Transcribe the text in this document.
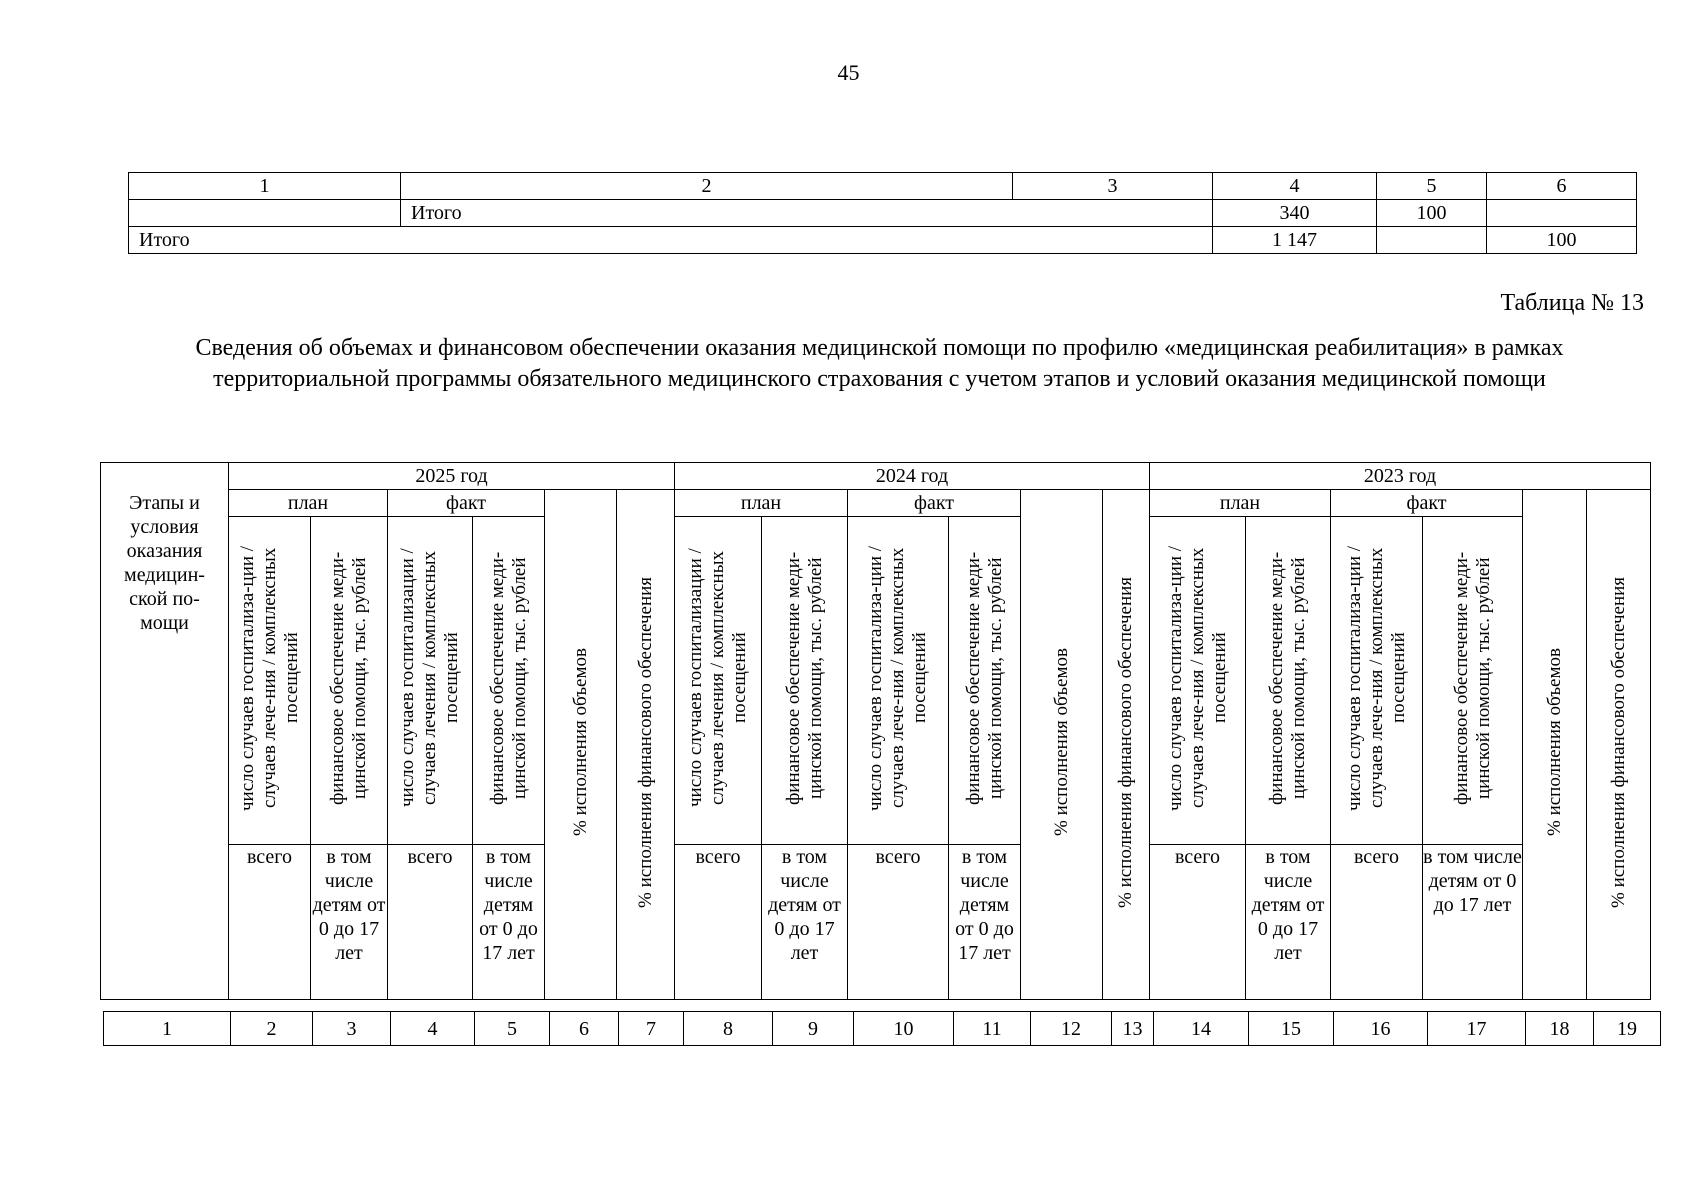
45
1	2	3	4	5	6
	Итого		340	100	
Итого			1 147		100
Таблица № 13
Сведения об объемах и финансовом обеспечении оказания медицинской помощи по профилю «медицинская реабилитация» в рамках территориальной программы обязательного медицинского страхования с учетом этапов и условий оказания медицинской помощи
Этапы и условия оказания медицин-ской по-мощи	2025 год						2024 год						2023 год					
	план		факт		% исполнения объемов	% исполнения финансового обеспечения	план		факт		% исполнения объемов	% исполнения финансового обеспечения	план		факт		% исполнения объемов	% исполнения финансового обеспечения
	число случаев госпитализа-ции / случаев лече-ния / комплексных посещений	финансовое обеспечение меди-цинской помощи, тыс. рублей	число случаев госпитализации / случаев лечения / комплексных посещений	финансовое обеспечение меди-цинской помощи, тыс. рублей			число случаев госпитализации / случаев лечения / комплексных посещений	финансовое обеспечение меди-цинской помощи, тыс. рублей	число случаев госпитализа-ции / случаев лече-ния / комплексных посещений	финансовое обеспечение меди-цинской помощи, тыс. рублей			число случаев госпитализа-ции / случаев лече-ния / комплексных посещений	финансовое обеспечение меди-цинской помощи, тыс. рублей	число случаев госпитализа-ции / случаев лече-ния / комплексных посещений	финансовое обеспечение меди-цинской помощи, тыс. рублей		
	всего	в том числе детям от 0 до 17 лет	всего	в том числе детям от 0 до 17 лет			всего	в том числе детям от 0 до 17 лет	всего	в том числе детям от 0 до 17 лет			всего	в том числе детям от 0 до 17 лет	всего	в том числе детям от 0 до 17 лет		
1	2	3	4	5	6	7	8	9	10	11	12	13	14	15	16	17	18	19
